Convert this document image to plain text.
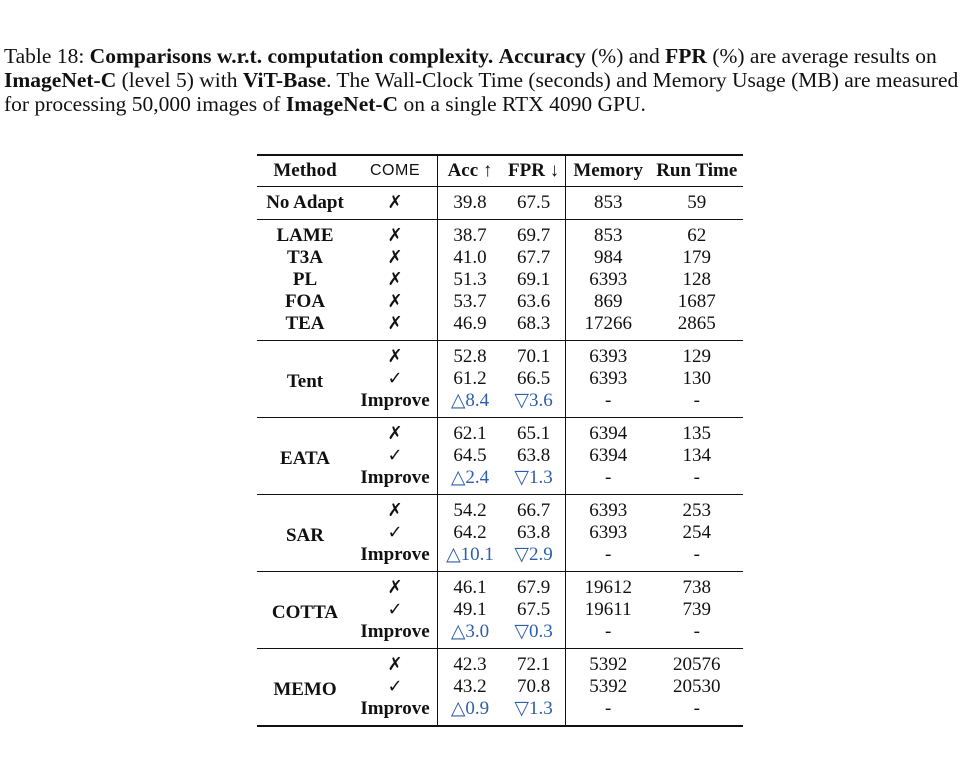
Table 18: Comparisons w.r.t. computation complexity. Accuracy (%) and FPR (%) are average results on ImageNet-C (level 5) with ViT-Base. The Wall-Clock Time (seconds) and Memory Usage (MB) are measured for processing 50,000 images of ImageNet-C on a single RTX 4090 GPU.
Method	COME	Acc ↑	FPR ↓	Memory	Run Time
No Adapt	✗	39.8	67.5	853	59
LAME	✗	38.7	69.7	853	62
T3A	✗	41.0	67.7	984	179
PL	✗	51.3	69.1	6393	128
FOA	✗	53.7	63.6	869	1687
TEA	✗	46.9	68.3	17266	2865
Tent	✗	52.8	70.1	6393	129
	✓	61.2	66.5	6393	130
	Improve	△8.4	▽3.6	-	-
EATA	✗	62.1	65.1	6394	135
	✓	64.5	63.8	6394	134
	Improve	△2.4	▽1.3	-	-
SAR	✗	54.2	66.7	6393	253
	✓	64.2	63.8	6393	254
	Improve	△10.1	▽2.9	-	-
COTTA	✗	46.1	67.9	19612	738
	✓	49.1	67.5	19611	739
	Improve	△3.0	▽0.3	-	-
MEMO	✗	42.3	72.1	5392	20576
	✓	43.2	70.8	5392	20530
	Improve	△0.9	▽1.3	-	-
